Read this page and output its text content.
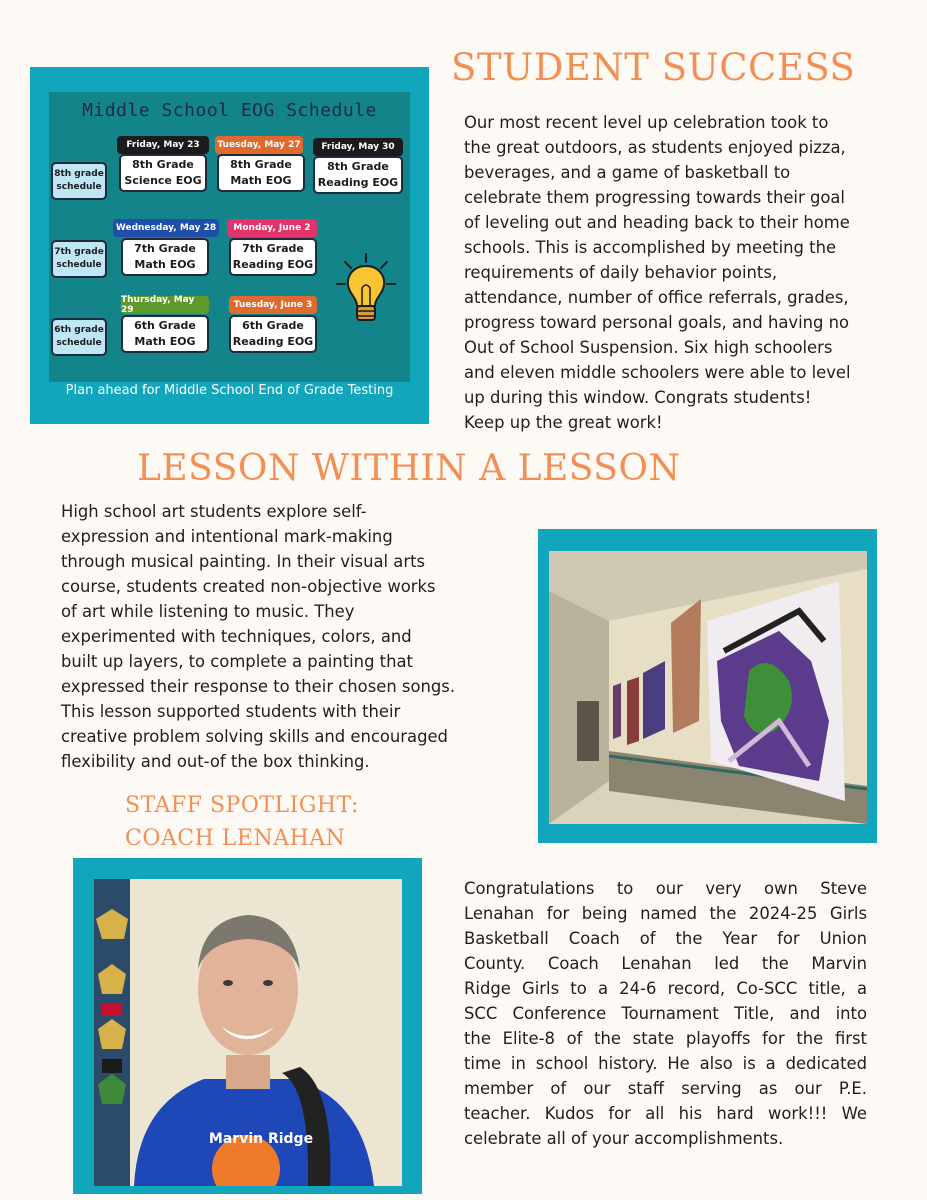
Middle School EOG Schedule
8th grade schedule
Friday, May 23
8th Grade Science EOG
Tuesday, May 27
8th Grade Math EOG
Friday, May 30
8th Grade Reading EOG
7th grade schedule
Wednesday, May 28
7th Grade Math EOG
Monday, June 2
7th Grade Reading EOG
6th grade schedule
Thursday, May 29
6th Grade Math EOG
Tuesday, June 3
6th Grade Reading EOG
Plan ahead for Middle School End of Grade Testing
STUDENT SUCCESS

Our most recent level up celebration took to

the great outdoors, as students enjoyed pizza,

beverages, and a game of basketball to

celebrate them progressing towards their goal

of leveling out and heading back to their home

schools. This is accomplished by meeting the

requirements of daily behavior points,

attendance, number of office referrals, grades,

progress toward personal goals, and having no

Out of School Suspension. Six high schoolers

and eleven middle schoolers were able to level

up during this window. Congrats students!

Keep up the great work!

LESSON WITHIN A LESSON

High school art students explore self-

expression and intentional mark-making

through musical painting. In their visual arts

course, students created non-objective works

of art while listening to music. They

experimented with techniques, colors, and

built up layers, to complete a painting that

expressed their response to their chosen songs.

This lesson supported students with their

creative problem solving skills and encouraged

flexibility and out-of the box thinking.

STAFF SPOTLIGHT:
COACH LENAHAN
Marvin Ridge

Congratulations to our very own Steve

Lenahan for being named the 2024-25 Girls

Basketball Coach of the Year for Union

County. Coach Lenahan led the Marvin

Ridge Girls to a 24-6 record, Co-SCC title, a

SCC Conference Tournament Title, and into

the Elite-8 of the state playoffs for the first

time in school history. He also is a dedicated

member of our staff serving as our P.E.

teacher. Kudos for all his hard work!!! We

celebrate all of your accomplishments.
